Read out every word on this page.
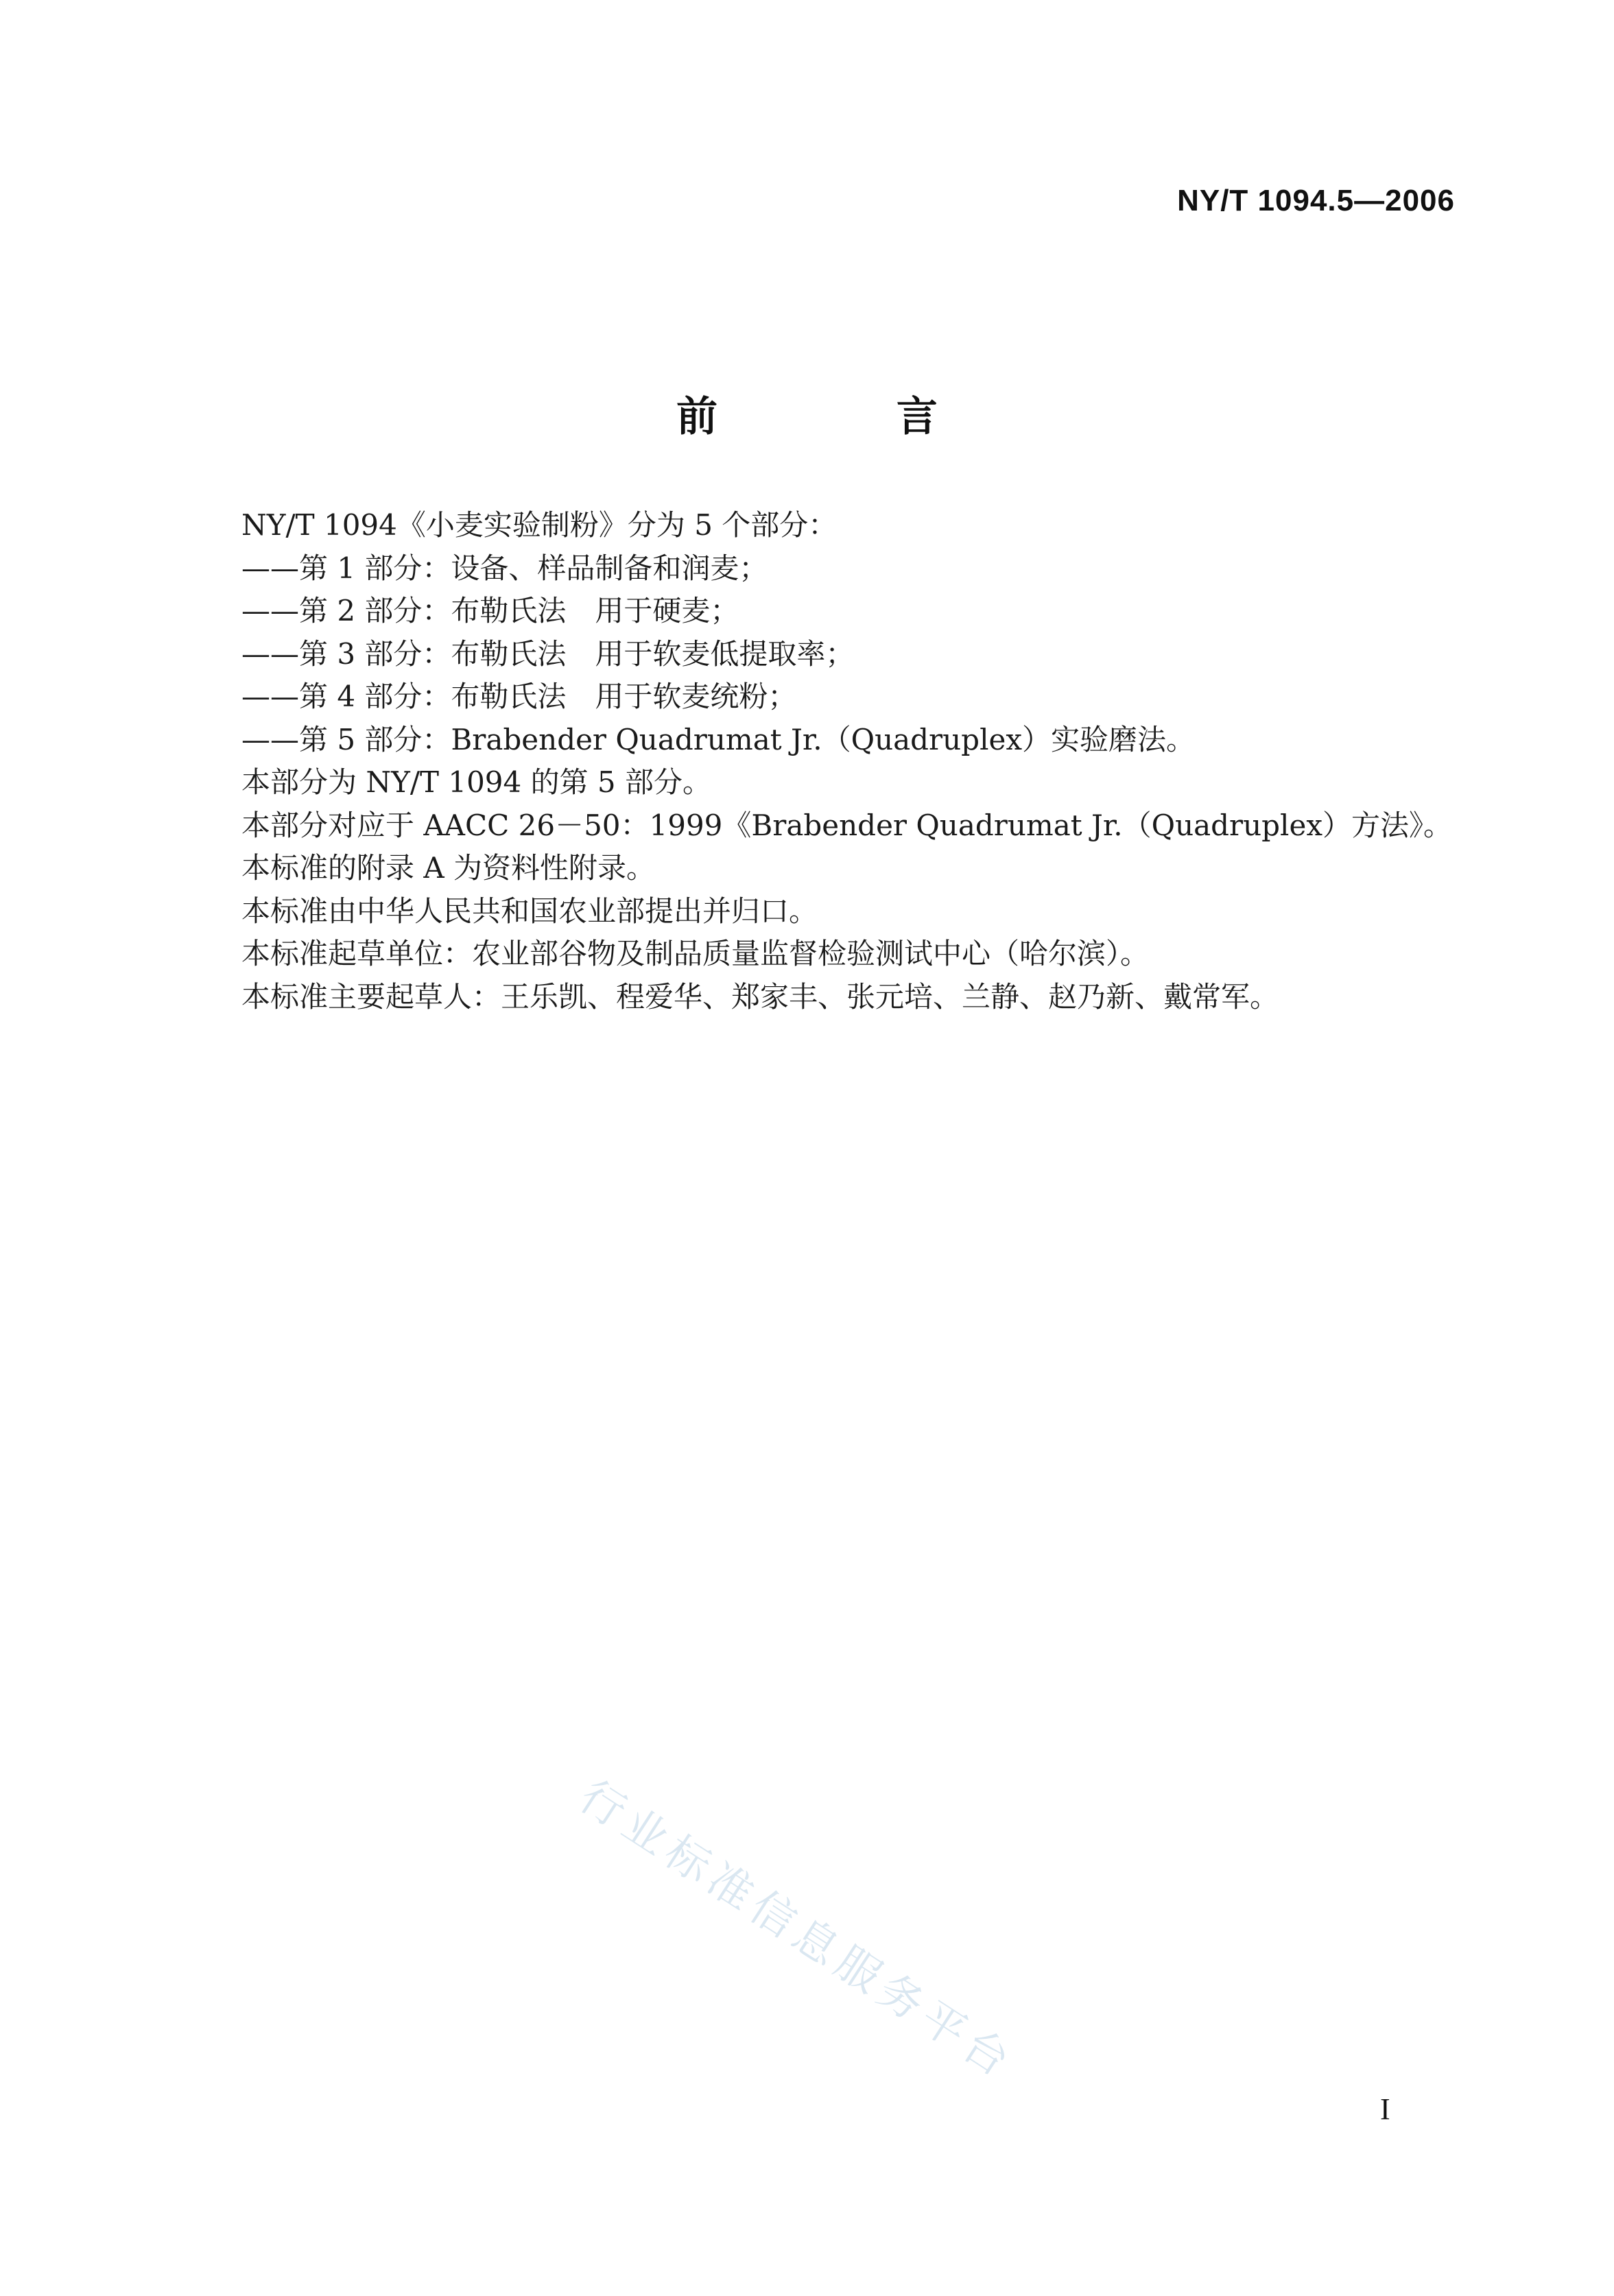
NY/T 1094.5—2006
前 言
NY/T 1094《小麦实验制粉》分为 5 个部分：
——第 1 部分：设备、样品制备和润麦；
——第 2 部分：布勒氏法　用于硬麦；
——第 3 部分：布勒氏法　用于软麦低提取率；
——第 4 部分：布勒氏法　用于软麦统粉；
——第 5 部分：Brabender Quadrumat Jr.（Quadruplex）实验磨法。
本部分为 NY/T 1094 的第 5 部分。
本部分对应于 AACC 26－50：1999《Brabender Quadrumat Jr.（Quadruplex）方法》。
本标准的附录 A 为资料性附录。
本标准由中华人民共和国农业部提出并归口。
本标准起草单位：农业部谷物及制品质量监督检验测试中心（哈尔滨）。
本标准主要起草人：王乐凯、程爱华、郑家丰、张元培、兰静、赵乃新、戴常军。
行业标准信息服务平台
I
